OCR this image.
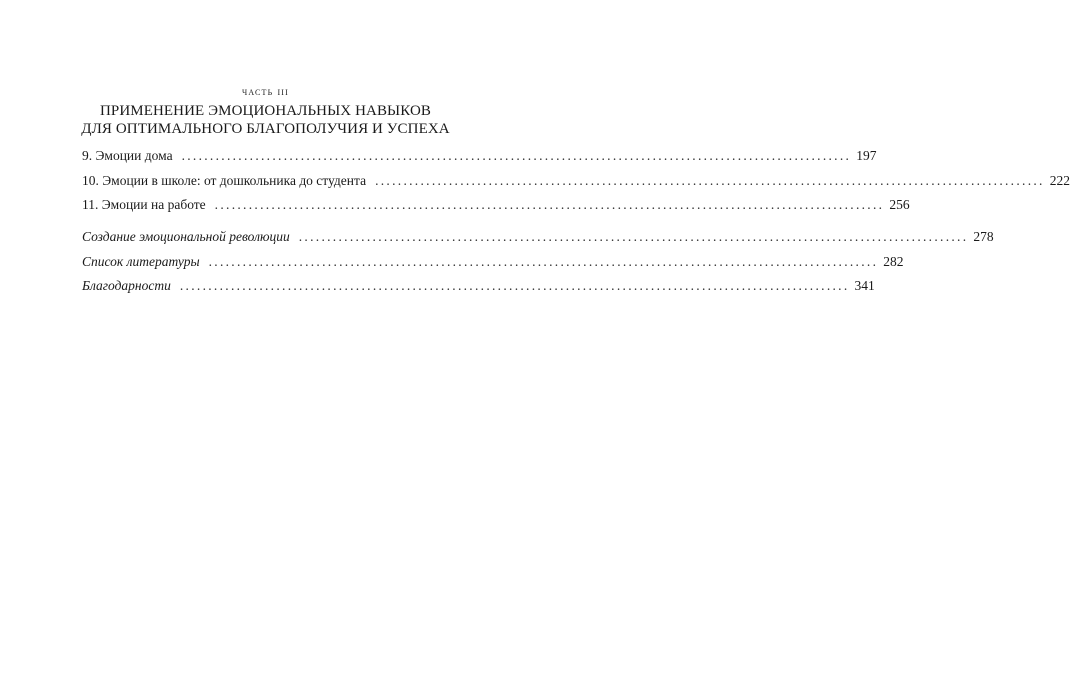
часть iii
ПРИМЕНЕНИЕ ЭМОЦИОНАЛЬНЫХ НАВЫКОВ
ДЛЯ ОПТИМАЛЬНОГО БЛАГОПОЛУЧИЯ И УСПЕХА
9. Эмоции дома ...................................................................................................................... 197
10. Эмоции в школе: от дошкольника до студента ...................................................................................................................... 222
11. Эмоции на работе ...................................................................................................................... 256
Создание эмоциональной революции ...................................................................................................................... 278
Список литературы ...................................................................................................................... 282
Благодарности ...................................................................................................................... 341
